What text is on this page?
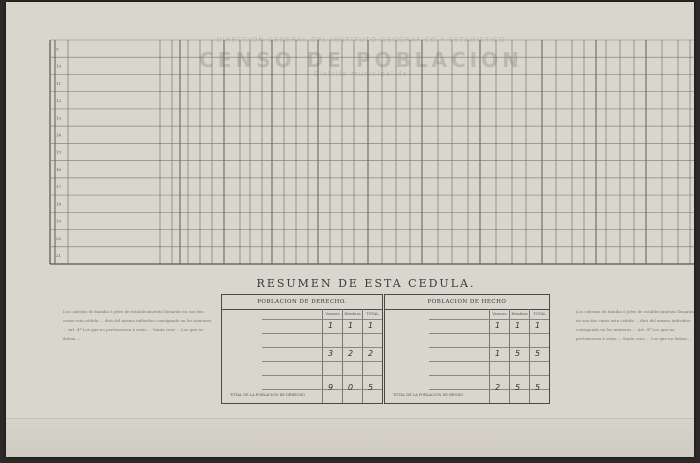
DIRECCION GENERAL DEL INSTITUTO GEOGRAFICO Y ESTADISTICO
CENSO DE POBLACION
Distrito municipal de
9
10
11
12
13
14
15
16
17
18
19
20
21
RESUMEN DE ESTA CEDULA.
Los cabezas de familia ó jefes de establecimiento llenarán en sus dos caras esta cédula ... dirá del mismo individuo consignado en los números ... Art. 4º Los que no pertenezcan á estas ... Santa cruz ... Los que no deban ...
Los cabezas de familia ó jefes de establecimiento llenarán en sus dos caras esta cédula ... dirá del mismo individuo consignado en los números ... Art. 4º Los que no pertenezcan á estas ... Santa cruz ... Los que no deban ...
POBLACION DE DERECHO.
Varones.	Hembras.	TOTAL.
1 1 1
3 2 2
9 0 5
TOTAL DE LA POBLACION DE DERECHO
POBLACION DE HECHO
Varones.	Hembras.	TOTAL.
1 1 1
1 5 5
2 5 5
TOTAL DE LA POBLACION DE HECHO
